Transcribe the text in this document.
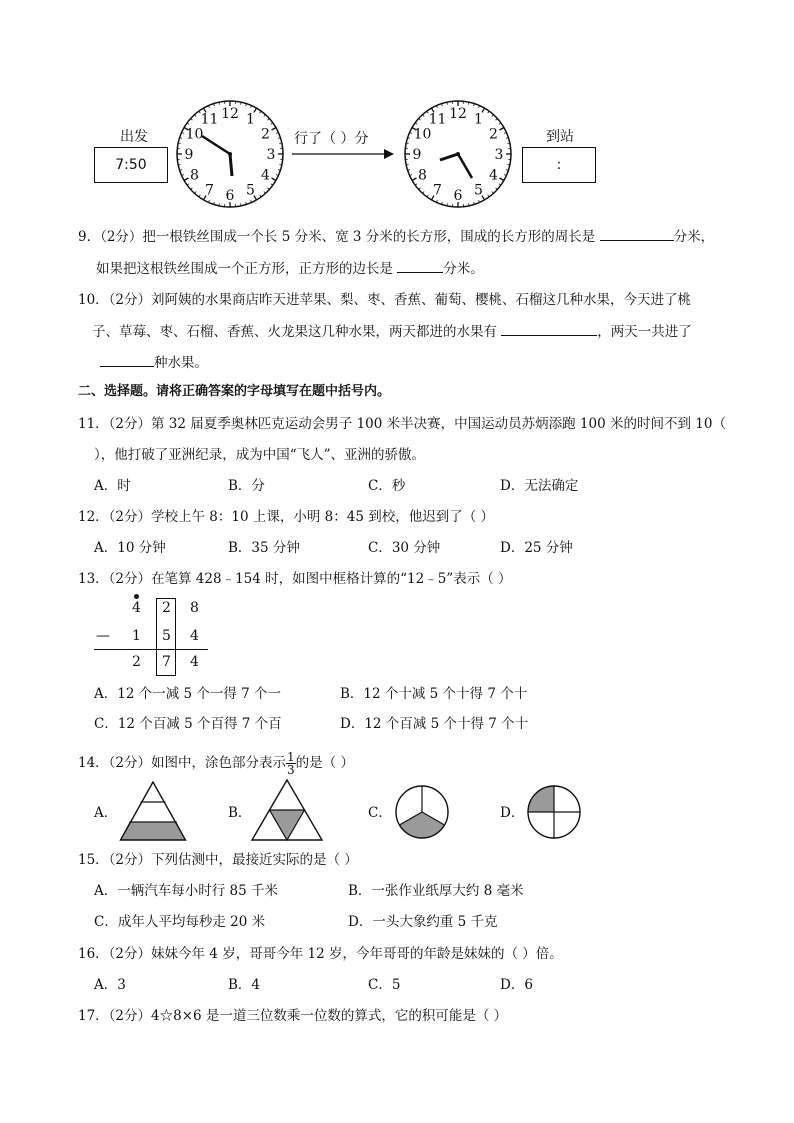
出发
7:50
12 1
2
3
4
5
6
7
8
9
10
11
行了（ ）分
12 1
2
3
4
5
6
7
8
9
10
11
到站
:
9．（2分）把一根铁丝围成一个长 5 分米、宽 3 分米的长方形，围成的长方形的周长是	分米，
如果把这根铁丝围成一个正方形，正方形的边长是	分米。
10．（2分）刘阿姨的水果商店昨天进苹果、梨、枣、香蕉、葡萄、樱桃、石榴这几种水果，今天进了桃
子、草莓、枣、石榴、香蕉、火龙果这几种水果，两天都进的水果有	，两天一共进了
种水果。
二、选择题。请将正确答案的字母填写在题中括号内。
11．（2分）第 32 届夏季奥林匹克运动会男子 100 米半决赛，中国运动员苏炳添跑 100 米的时间不到 10（
），他打破了亚洲纪录，成为中国“飞人”、亚洲的骄傲。
A．时	B．分	C．秒	D．无法确定
12．（2分）学校上午 8：10 上课，小明 8：45 到校，他迟到了（ ）
A．10 分钟	B．35 分钟	C．30 分钟	D．25 分钟
13．（2分）在笔算 428﹣154 时，如图中框格计算的“12﹣5”表示（ ）
4 2 8
— 1 5 4
2 7 4
A．12 个一减 5 个一得 7 个一	B．12 个十减 5 个十得 7 个十
C．12 个百减 5 个百得 7 个百	D．12 个百减 5 个十得 7 个十
14．（2分）如图中，涂色部分表示 $\frac{1}{3}$ 的是（ ）
A．	B．	C．	D．
15．（2分）下列估测中，最接近实际的是（ ）
A．一辆汽车每小时行 85 千米	B．一张作业纸厚大约 8 毫米
C．成年人平均每秒走 20 米	D．一头大象约重 5 千克
16．（2分）妹妹今年 4 岁，哥哥今年 12 岁，今年哥哥的年龄是妹妹的（ ）倍。
A．3	B．4	C．5	D．6
17．（2分）4☆8×6 是一道三位数乘一位数的算式，它的积可能是（ ）
